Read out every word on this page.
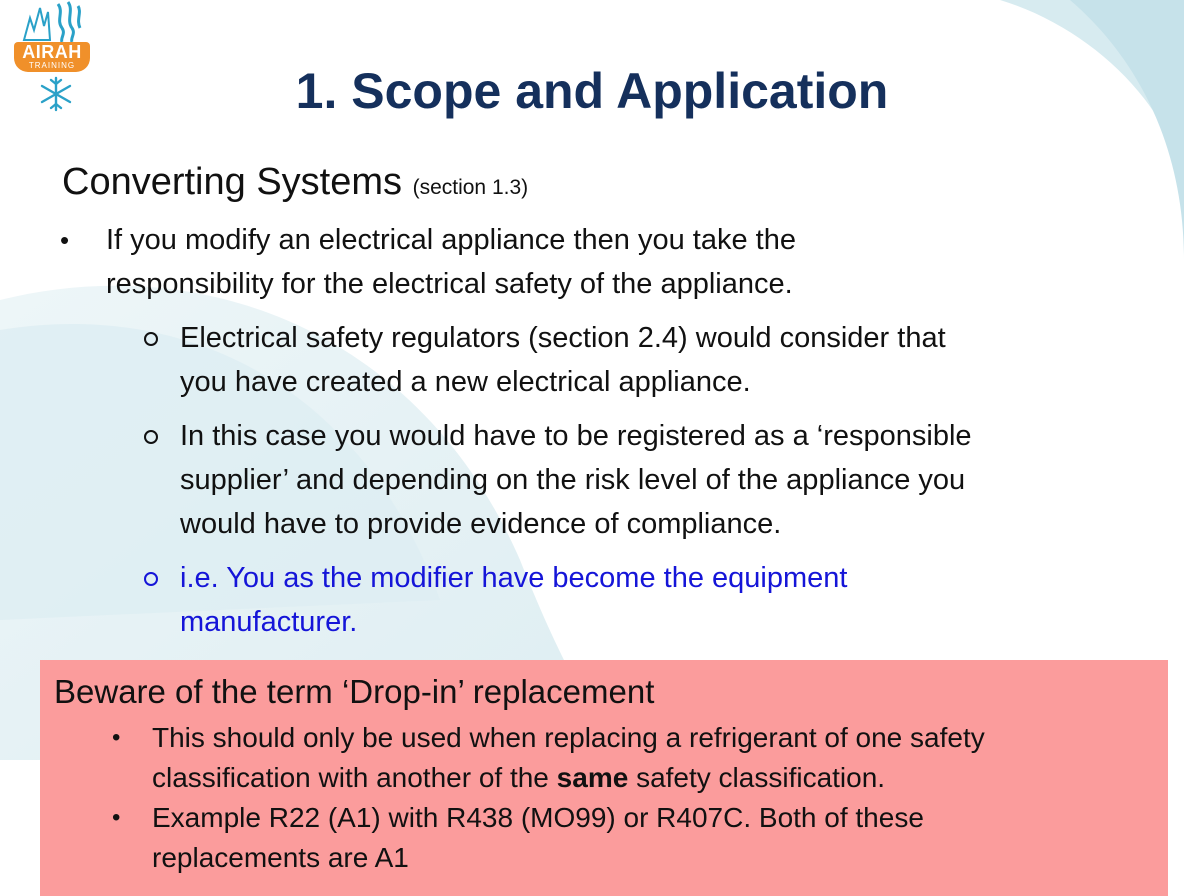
AIRAH
TRAINING	1. Scope and Application
Converting Systems (section 1.3)
• If you modify an electrical appliance then you take the
responsibility for the electrical safety of the appliance.
Electrical safety regulators (section 2.4) would consider that
you have created a new electrical appliance.
In this case you would have to be registered as a ‘responsible
supplier’ and depending on the risk level of the appliance you
would have to provide evidence of compliance.
i.e. You as the modifier have become the equipment
manufacturer.
Beware of the term ‘Drop-in’ replacement
• This should only be used when replacing a refrigerant of one safety
classification with another of the same safety classification.
• Example R22 (A1) with R438 (MO99) or R407C. Both of these
replacements are A1
